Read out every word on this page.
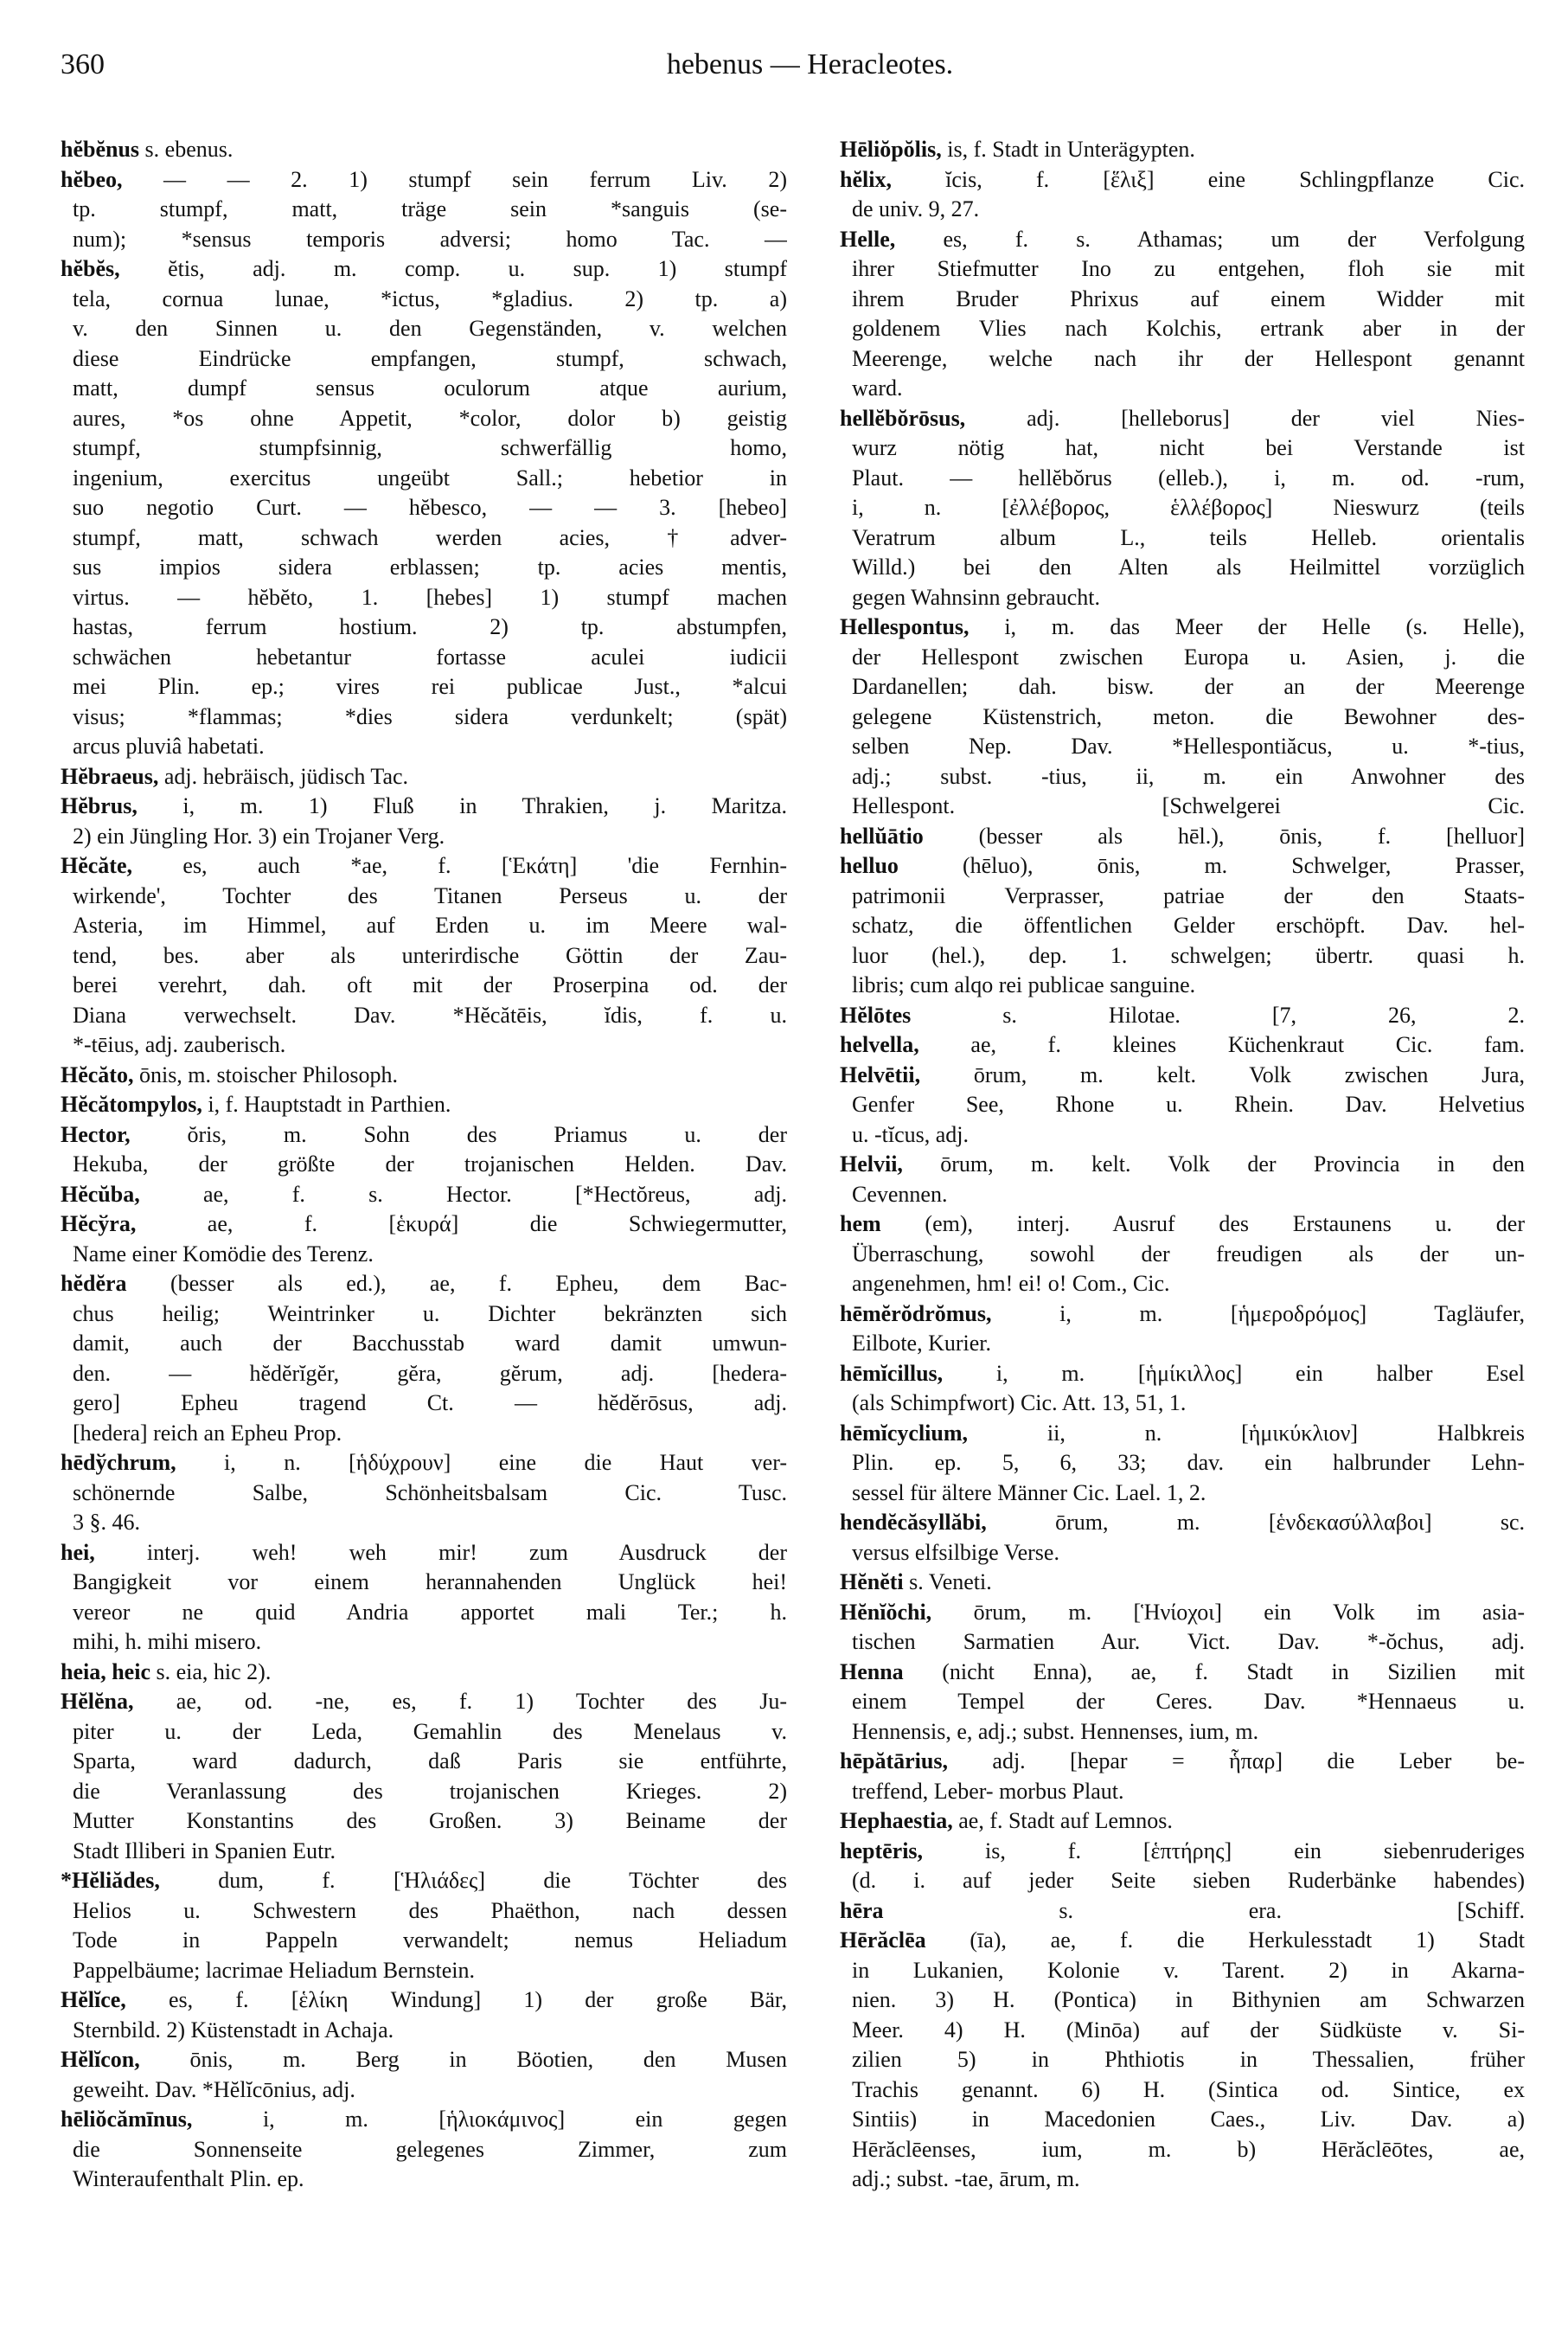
360	hebenus — Heracleotes.
hĕbĕnus s. ebenus.
hĕbeo, — — 2. 1) stumpf sein ferrum Liv. 2)
tp. stumpf, matt, träge sein *sanguis (se-
num); *sensus temporis adversi; homo Tac. —
hĕbĕs, ĕtis, adj. m. comp. u. sup. 1) stumpf
tela, cornua lunae, *ictus, *gladius. 2) tp. a)
v. den Sinnen u. den Gegenständen, v. welchen
diese Eindrücke empfangen, stumpf, schwach,
matt, dumpf sensus oculorum atque aurium,
aures, *os ohne Appetit, *color, dolor b) geistig
stumpf, stumpfsinnig, schwerfällig homo,
ingenium, exercitus ungeübt Sall.; hebetior in
suo negotio Curt. — hĕbesco, — — 3. [hebeo]
stumpf, matt, schwach werden acies, †adver-
sus impios sidera erblassen; tp. acies mentis,
virtus. — hĕbĕto, 1. [hebes] 1) stumpf machen
hastas, ferrum hostium. 2) tp. abstumpfen,
schwächen hebetantur fortasse aculei iudicii
mei Plin. ep.; vires rei publicae Just., *alcui
visus; *flammas; *dies sidera verdunkelt; (spät)
arcus pluviâ habetati.
Hĕbraeus, adj. hebräisch, jüdisch Tac.
Hĕbrus, i, m. 1) Fluß in Thrakien, j. Maritza.
2) ein Jüngling Hor. 3) ein Trojaner Verg.
Hĕcăte, es, auch *ae, f. [Ἑκάτη] 'die Fernhin-
wirkende', Tochter des Titanen Perseus u. der
Asteria, im Himmel, auf Erden u. im Meere wal-
tend, bes. aber als unterirdische Göttin der Zau-
berei verehrt, dah. oft mit der Proserpina od. der
Diana verwechselt. Dav. *Hĕcătēis, ĭdis, f. u.
*-tēius, adj. zauberisch.
Hĕcăto, ōnis, m. stoischer Philosoph.
Hĕcătompylos, i, f. Hauptstadt in Parthien.
Hector, ŏris, m. Sohn des Priamus u. der
Hekuba, der größte der trojanischen Helden. Dav.
Hĕcŭba, ae, f. s. Hector. [*Hectŏreus, adj.
Hĕcўra, ae, f. [ἑκυρά] die Schwiegermutter,
Name einer Komödie des Terenz.
hĕdĕra (besser als ed.), ae, f. Epheu, dem Bac-
chus heilig; Weintrinker u. Dichter bekränzten sich
damit, auch der Bacchusstab ward damit umwun-
den. — hĕdĕrĭgĕr, gĕra, gĕrum, adj. [hedera-
gero] Epheu tragend Ct. — hĕdĕrōsus, adj.
[hedera] reich an Epheu Prop.
hēdўchrum, i, n. [ἡδύχρουν] eine die Haut ver-
schönernde Salbe, Schönheitsbalsam Cic. Tusc.
3 §. 46.
hei, interj. weh! weh mir! zum Ausdruck der
Bangigkeit vor einem herannahenden Unglück hei!
vereor ne quid Andria apportet mali Ter.; h.
mihi, h. mihi misero.
heia, heic s. eia, hic 2).
Hĕlĕna, ae, od. -ne, es, f. 1) Tochter des Ju-
piter u. der Leda, Gemahlin des Menelaus v.
Sparta, ward dadurch, daß Paris sie entführte,
die Veranlassung des trojanischen Krieges. 2)
Mutter Konstantins des Großen. 3) Beiname der
Stadt Illiberi in Spanien Eutr.
*Hĕliădes, dum, f. [Ἡλιάδες] die Töchter des
Helios u. Schwestern des Phaëthon, nach dessen
Tode in Pappeln verwandelt; nemus Heliadum
Pappelbäume; lacrimae Heliadum Bernstein.
Hĕlĭce, es, f. [ἑλίκη Windung] 1) der große Bär,
Sternbild. 2) Küstenstadt in Achaja.
Hĕlĭcon, ōnis, m. Berg in Böotien, den Musen
geweiht. Dav. *Hĕlĭcōnius, adj.
hēliŏcămīnus, i, m. [ἡλιοκάμινος] ein gegen
die Sonnenseite gelegenes Zimmer, zum
Winteraufenthalt Plin. ep.
Hēliŏpŏlis, is, f. Stadt in Unterägypten.
hĕlix, ĭcis, f. [ἕλιξ] eine Schlingpflanze Cic.
de univ. 9, 27.
Helle, es, f. s. Athamas; um der Verfolgung
ihrer Stiefmutter Ino zu entgehen, floh sie mit
ihrem Bruder Phrixus auf einem Widder mit
goldenem Vlies nach Kolchis, ertrank aber in der
Meerenge, welche nach ihr der Hellespont genannt
ward.
hellĕbŏrōsus, adj. [helleborus] der viel Nies-
wurz nötig hat, nicht bei Verstande ist
Plaut. — hellĕbŏrus (elleb.), i, m. od. -rum,
i, n. [ἐλλέβορος, ἑλλέβορος] Nieswurz (teils
Veratrum album L., teils Helleb. orientalis
Willd.) bei den Alten als Heilmittel vorzüglich
gegen Wahnsinn gebraucht.
Hellespontus, i, m. das Meer der Helle (s. Helle),
der Hellespont zwischen Europa u. Asien, j. die
Dardanellen; dah. bisw. der an der Meerenge
gelegene Küstenstrich, meton. die Bewohner des-
selben Nep. Dav. *Hellespontiăcus, u. *-tius,
adj.; subst. -tius, ii, m. ein Anwohner des
Hellespont. [Schwelgerei Cic.
hellŭātio (besser als hēl.), ōnis, f. [helluor]
helluo (hēluo), ōnis, m. Schwelger, Prasser,
patrimonii Verprasser, patriae der den Staats-
schatz, die öffentlichen Gelder erschöpft. Dav. hel-
luor (hel.), dep. 1. schwelgen; übertr. quasi h.
libris; cum alqo rei publicae sanguine.
Hĕlōtes s. Hilotae. [7, 26, 2.
helvella, ae, f. kleines Küchenkraut Cic. fam.
Helvētii, ōrum, m. kelt. Volk zwischen Jura,
Genfer See, Rhone u. Rhein. Dav. Helvetius
u. -tĭcus, adj.
Helvii, ōrum, m. kelt. Volk der Provincia in den
Cevennen.
hem (em), interj. Ausruf des Erstaunens u. der
Überraschung, sowohl der freudigen als der un-
angenehmen, hm! ei! o! Com., Cic.
hēmĕrŏdrŏmus, i, m. [ἡμεροδρόμος] Tagläufer,
Eilbote, Kurier.
hēmĭcillus, i, m. [ἡμίκιλλος] ein halber Esel
(als Schimpfwort) Cic. Att. 13, 51, 1.
hēmĭcyclium, ii, n. [ἡμικύκλιον] Halbkreis
Plin. ep. 5, 6, 33; dav. ein halbrunder Lehn-
sessel für ältere Männer Cic. Lael. 1, 2.
hendĕcăsyllăbi, ōrum, m. [ἑνδεκασύλλαβοι] sc.
versus elfsilbige Verse.
Hĕnĕti s. Veneti.
Hĕnĭŏchi, ōrum, m. [Ἡνίοχοι] ein Volk im asia-
tischen Sarmatien Aur. Vict. Dav. *-ŏchus, adj.
Henna (nicht Enna), ae, f. Stadt in Sizilien mit
einem Tempel der Ceres. Dav. *Hennaeus u.
Hennensis, e, adj.; subst. Hennenses, ium, m.
hēpătārius, adj. [hepar = ἧπαρ] die Leber be-
treffend, Leber- morbus Plaut.
Hephaestia, ae, f. Stadt auf Lemnos.
heptēris, is, f. [ἑπτήρης] ein siebenruderiges
(d. i. auf jeder Seite sieben Ruderbänke habendes)
hēra s. era. [Schiff.
Hērăclēa (īa), ae, f. die Herkulesstadt 1) Stadt
in Lukanien, Kolonie v. Tarent. 2) in Akarna-
nien. 3) H. (Pontica) in Bithynien am Schwarzen
Meer. 4) H. (Minōa) auf der Südküste v. Si-
zilien 5) in Phthiotis in Thessalien, früher
Trachis genannt. 6) H. (Sintica od. Sintice, ex
Sintiis) in Macedonien Caes., Liv. Dav. a)
Hērăclēenses, ium, m. b) Hērăclēōtes, ae,
adj.; subst. -tae, ārum, m.
